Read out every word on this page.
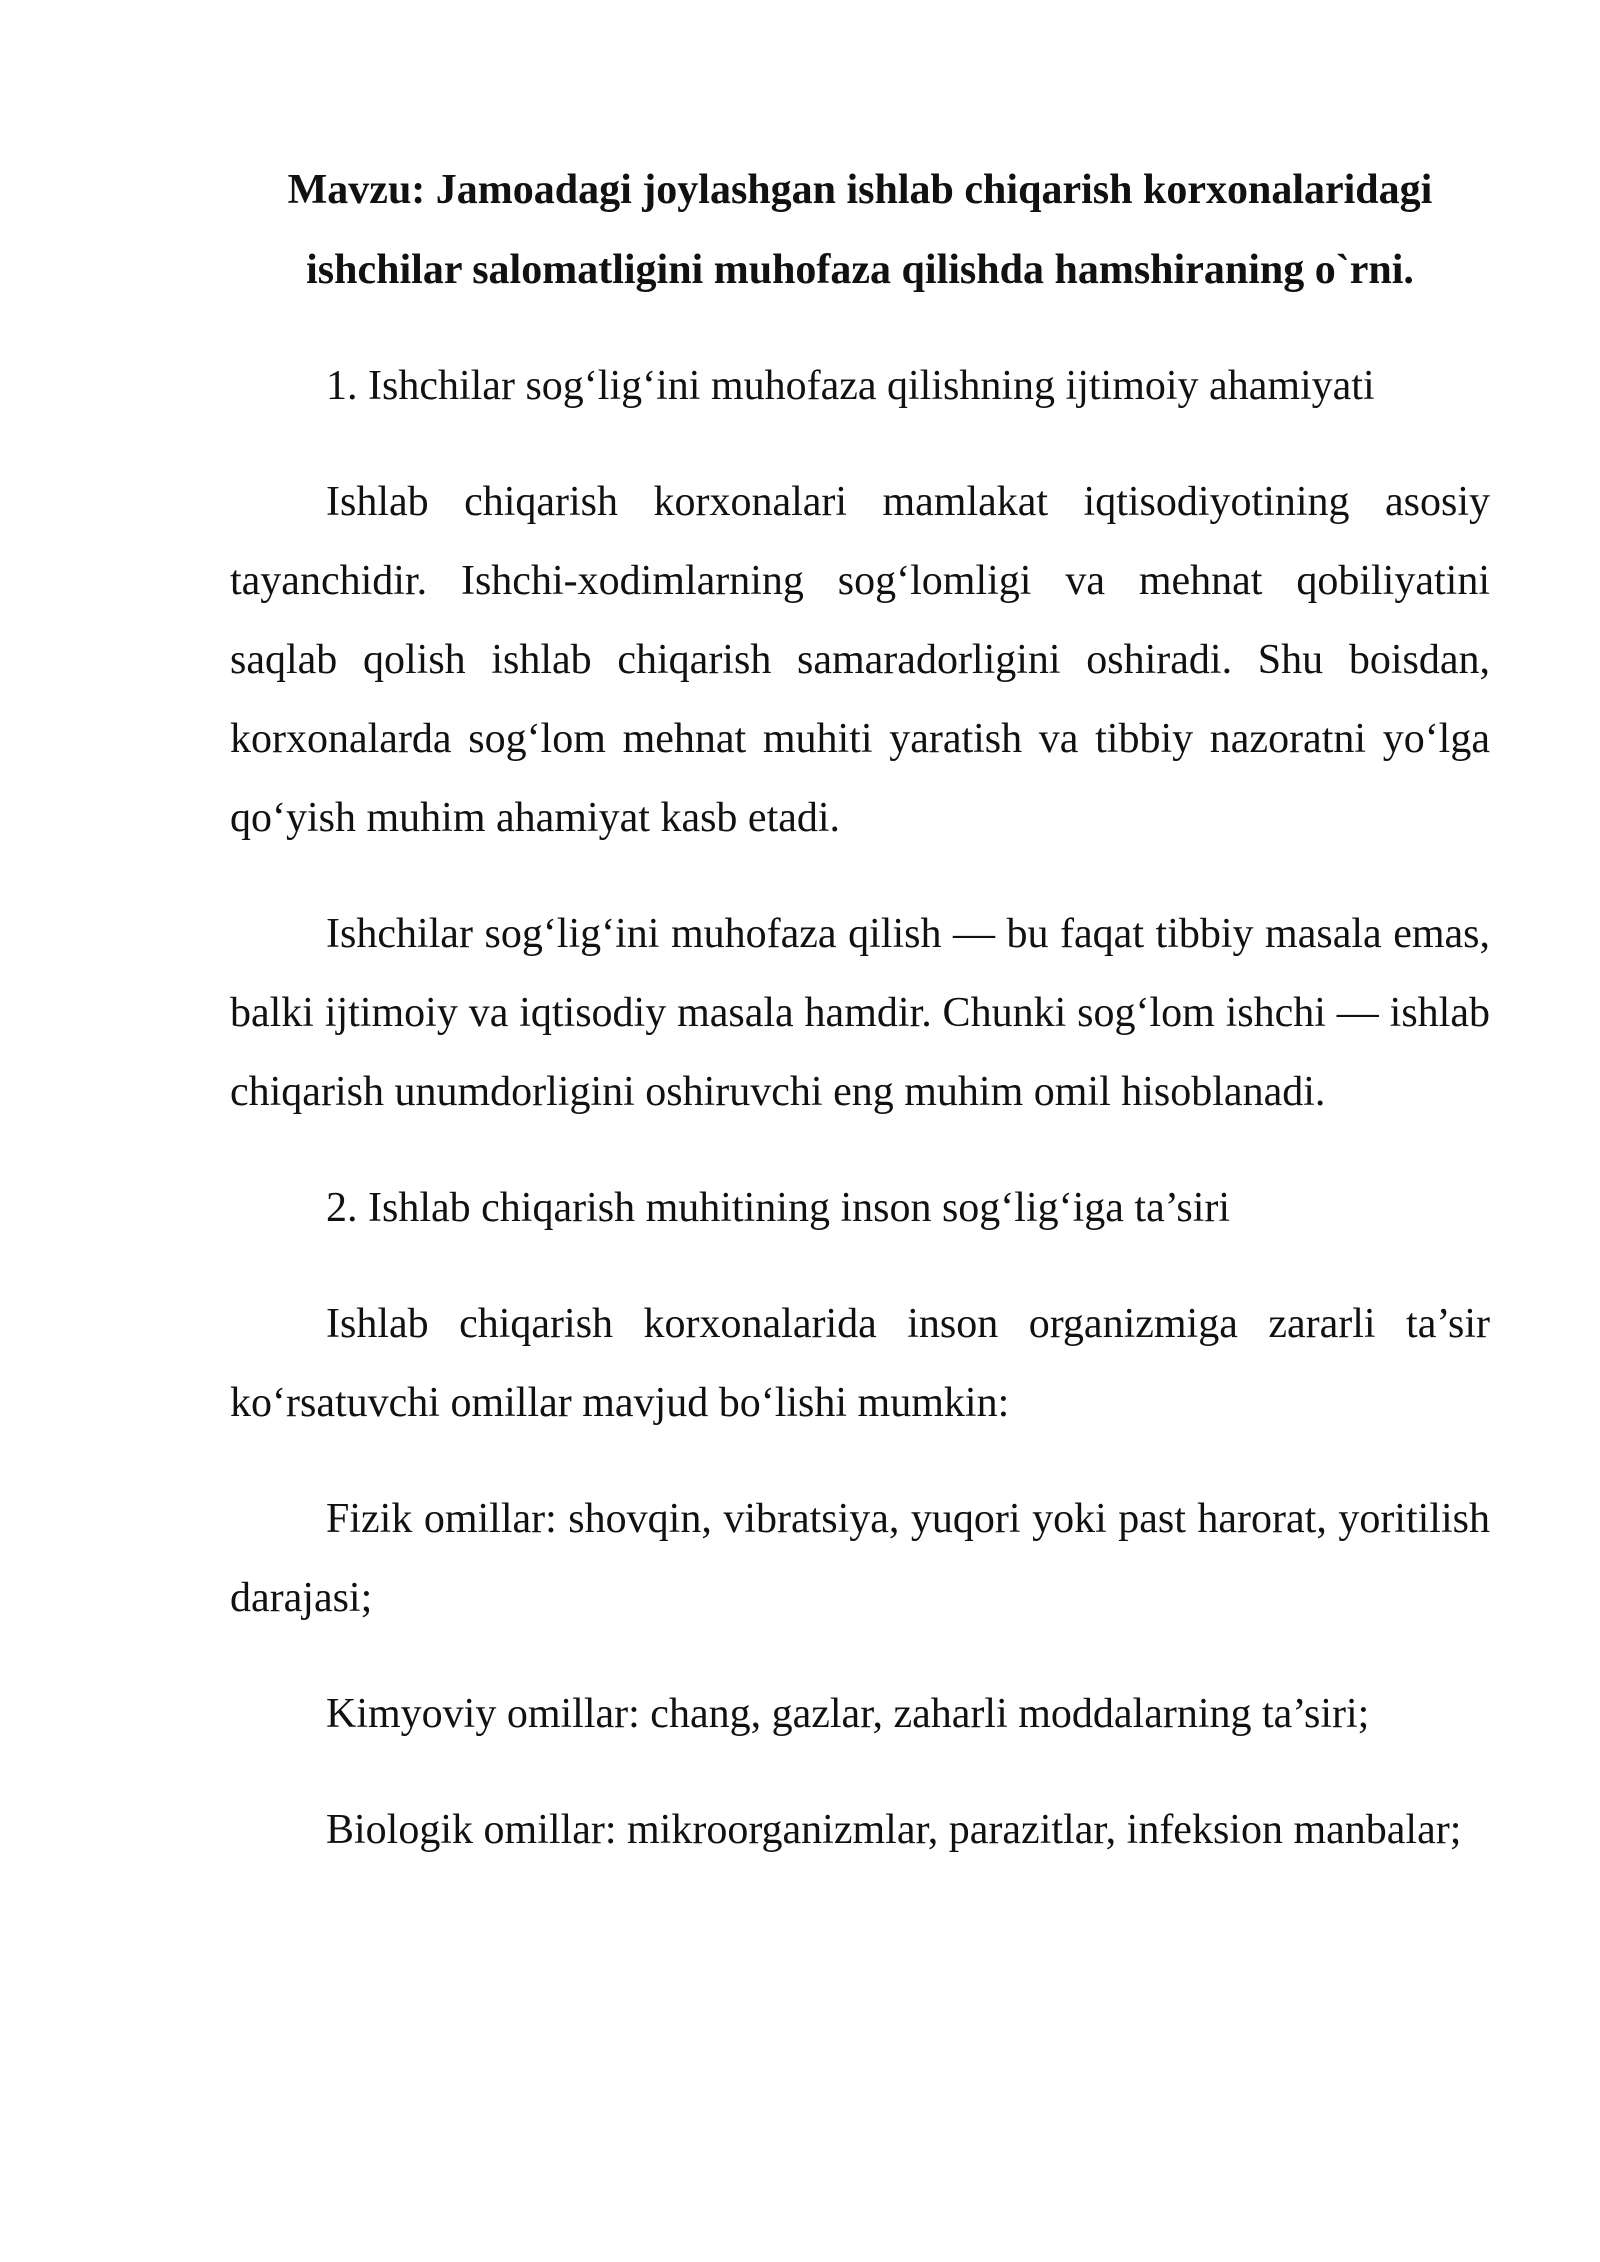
Mavzu: Jamoadagi joylashgan ishlab chiqarish korxonalaridagi ishchilar salomatligini muhofaza qilishda hamshiraning o`rni.

1. Ishchilar sog‘lig‘ini muhofaza qilishning ijtimoiy ahamiyati

Ishlab chiqarish korxonalari mamlakat iqtisodiyotining asosiy tayanchidir. Ishchi-xodimlarning sog‘lomligi va mehnat qobiliyatini saqlab qolish ishlab chiqarish samaradorligini oshiradi. Shu boisdan, korxonalarda sog‘lom mehnat muhiti yaratish va tibbiy nazoratni yo‘lga qo‘yish muhim ahamiyat kasb etadi.

Ishchilar sog‘lig‘ini muhofaza qilish — bu faqat tibbiy masala emas, balki ijtimoiy va iqtisodiy masala hamdir. Chunki sog‘lom ishchi — ishlab chiqarish unumdorligini oshiruvchi eng muhim omil hisoblanadi.

2. Ishlab chiqarish muhitining inson sog‘lig‘iga ta’siri

Ishlab chiqarish korxonalarida inson organizmiga zararli ta’sir ko‘rsatuvchi omillar mavjud bo‘lishi mumkin:

Fizik omillar: shovqin, vibratsiya, yuqori yoki past harorat, yoritilish darajasi;

Kimyoviy omillar: chang, gazlar, zaharli moddalarning ta’siri;

Biologik omillar: mikroorganizmlar, parazitlar, infeksion manbalar;
